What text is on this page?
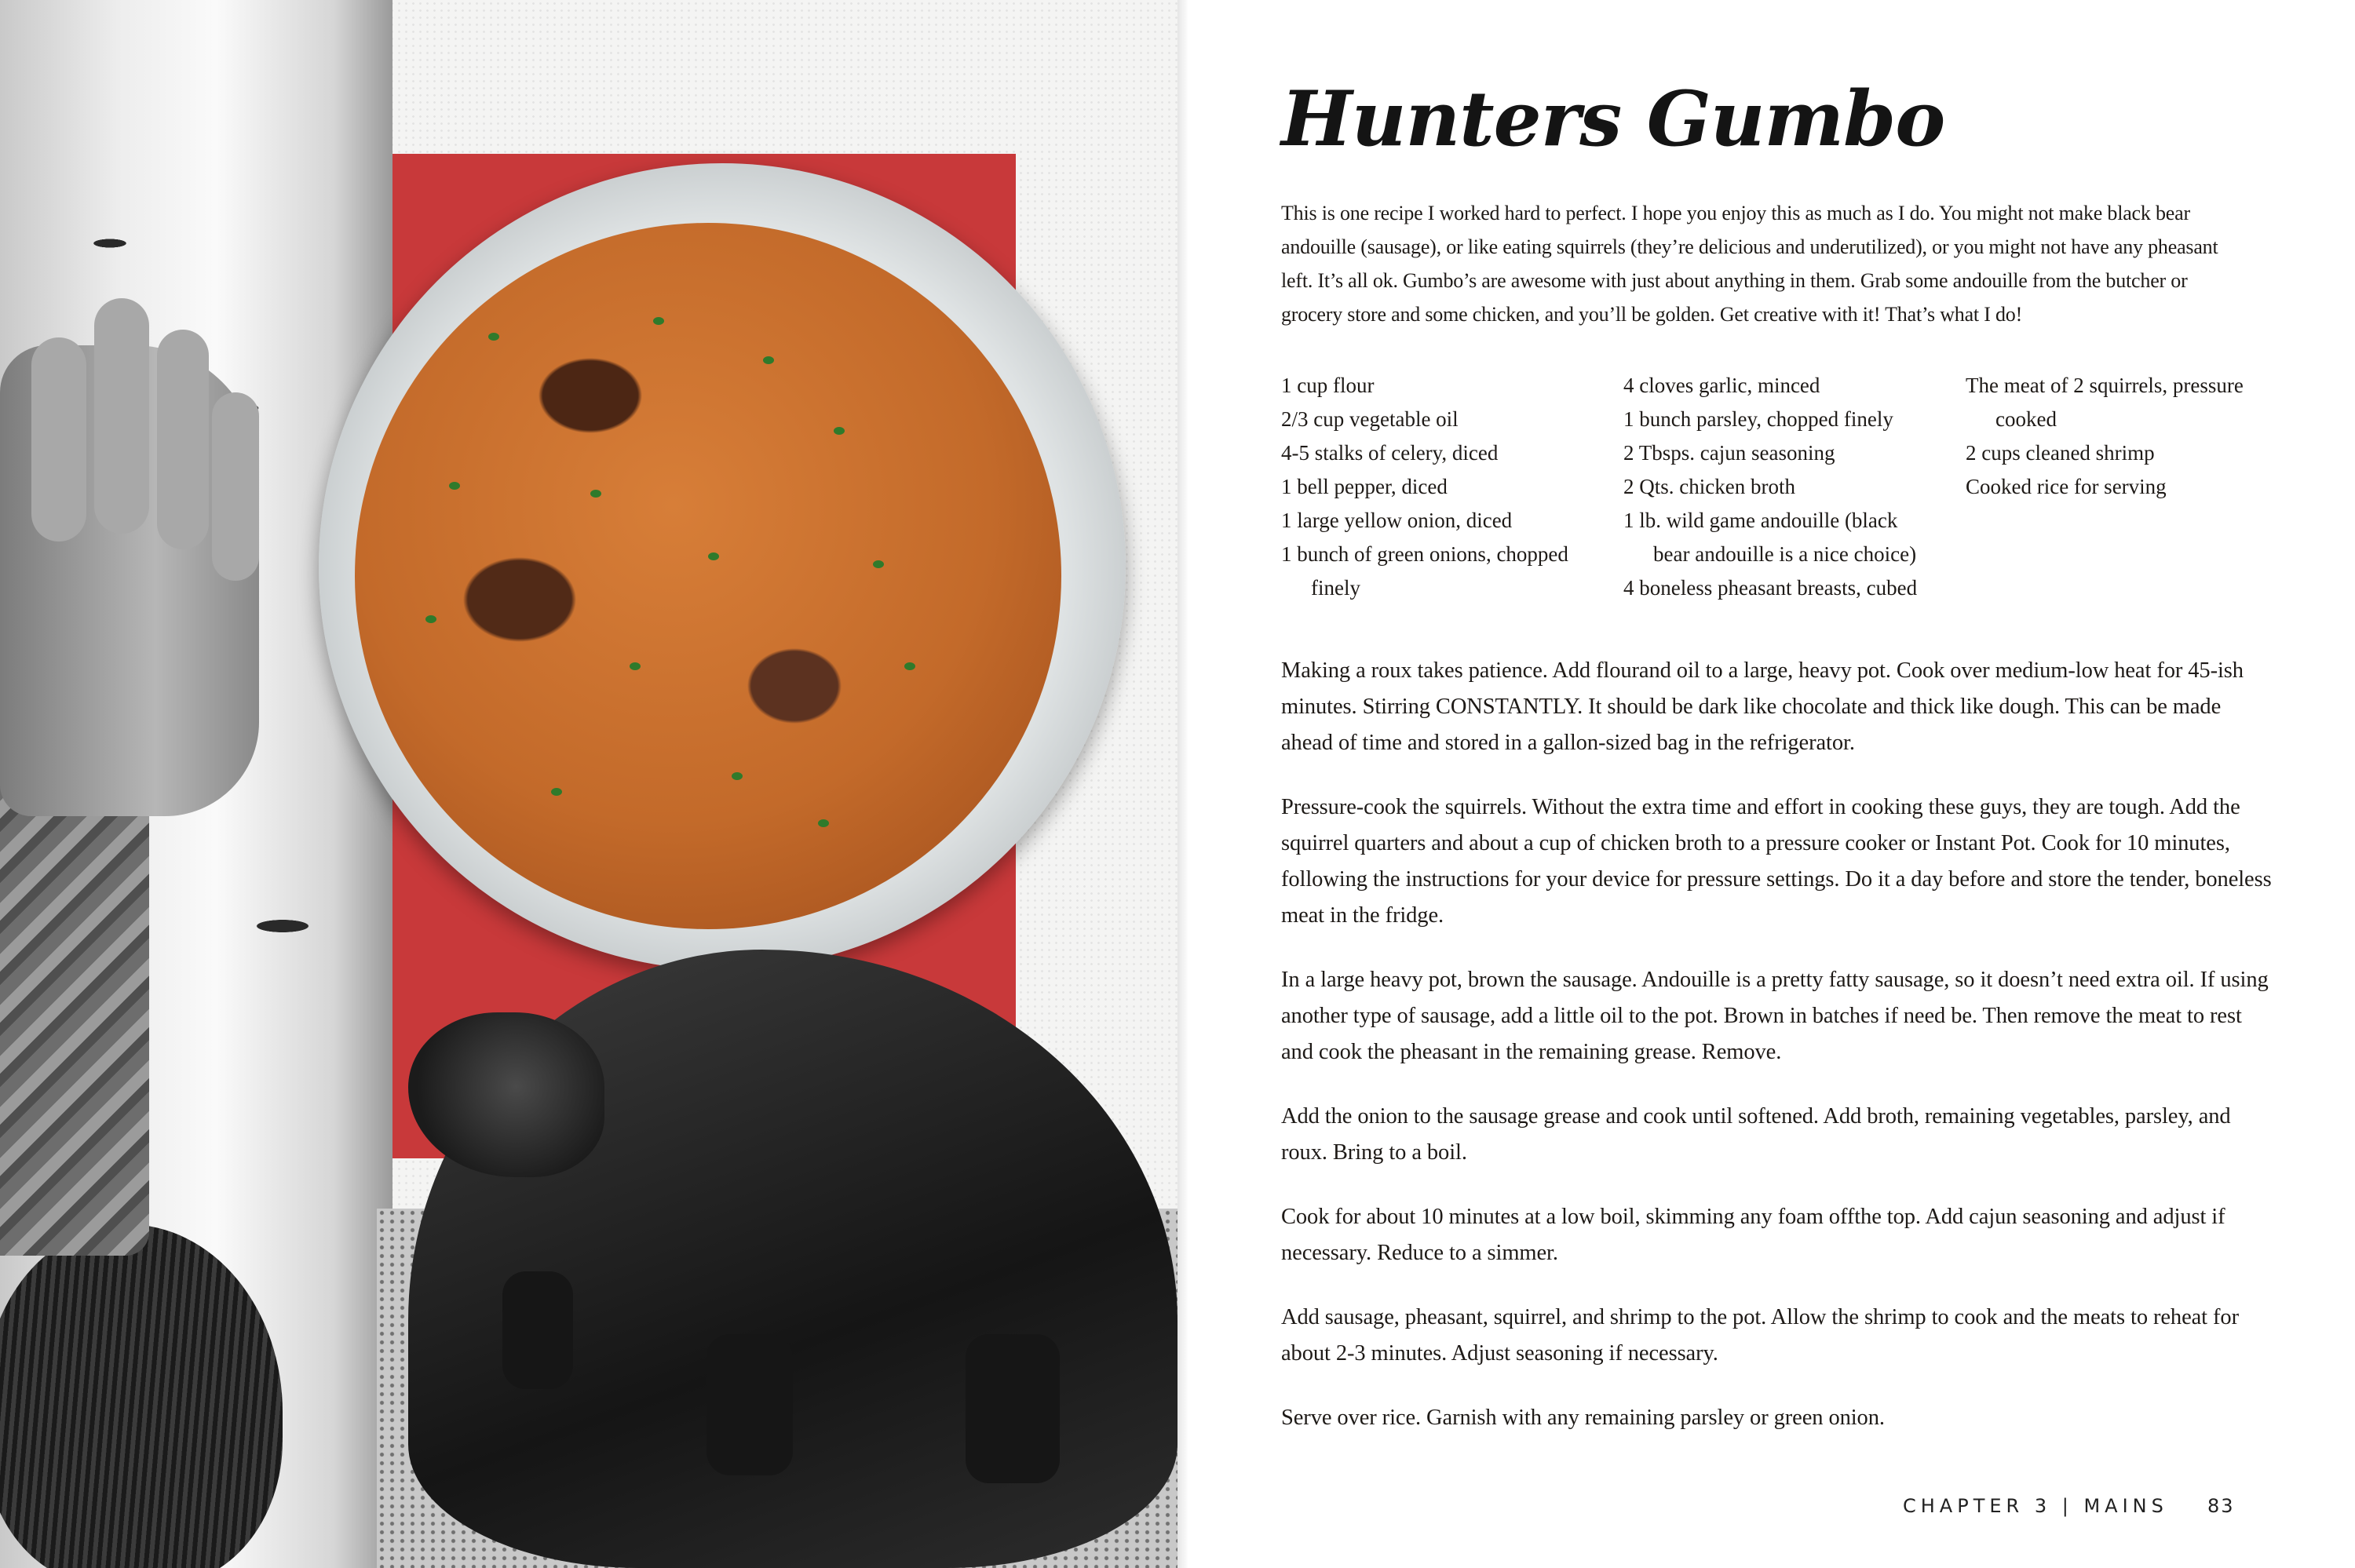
Hunters Gumbo

This is one recipe I worked hard to perfect. I hope you enjoy this as much as I do. You might not make black bear andouille (sausage), or like eating squirrels (they’re delicious and underutilized), or you might not have any pheasant left. It’s all ok. Gumbo’s are awesome with just about anything in them. Grab some andouille from the butcher or grocery store and some chicken, and you’ll be golden. Get creative with it! That’s what I do!

1 cup flour
2/3 cup vegetable oil
4-5 stalks of celery, diced
1 bell pepper, diced
1 large yellow onion, diced
1 bunch of green onions, chopped finely
4 cloves garlic, minced
1 bunch parsley, chopped finely
2 Tbsps. cajun seasoning
2 Qts. chicken broth
1 lb. wild game andouille (black bear andouille is a nice choice)
4 boneless pheasant breasts, cubed
The meat of 2 squirrels, pressure cooked
2 cups cleaned shrimp
Cooked rice for serving

Making a roux takes patience. Add flourand oil to a large, heavy pot. Cook over medium-low heat for 45-ish minutes. Stirring CONSTANTLY. It should be dark like chocolate and thick like dough. This can be made ahead of time and stored in a gallon-sized bag in the refrigerator.

Pressure-cook the squirrels. Without the extra time and effort in cooking these guys, they are tough. Add the squirrel quarters and about a cup of chicken broth to a pressure cooker or Instant Pot. Cook for 10 minutes, following the instructions for your device for pressure settings. Do it a day before and store the tender, boneless meat in the fridge.

In a large heavy pot, brown the sausage. Andouille is a pretty fatty sausage, so it doesn’t need extra oil. If using another type of sausage, add a little oil to the pot. Brown in batches if need be. Then remove the meat to rest and cook the pheasant in the remaining grease. Remove.

Add the onion to the sausage grease and cook until softened. Add broth, remaining vegetables, parsley, and roux. Bring to a boil.

Cook for about 10 minutes at a low boil, skimming any foam offthe top. Add cajun seasoning and adjust if necessary. Reduce to a simmer.

Add sausage, pheasant, squirrel, and shrimp to the pot. Allow the shrimp to cook and the meats to reheat for about 2-3 minutes. Adjust seasoning if necessary.

Serve over rice. Garnish with any remaining parsley or green onion.

CHAPTER 3 | MAINS 83
